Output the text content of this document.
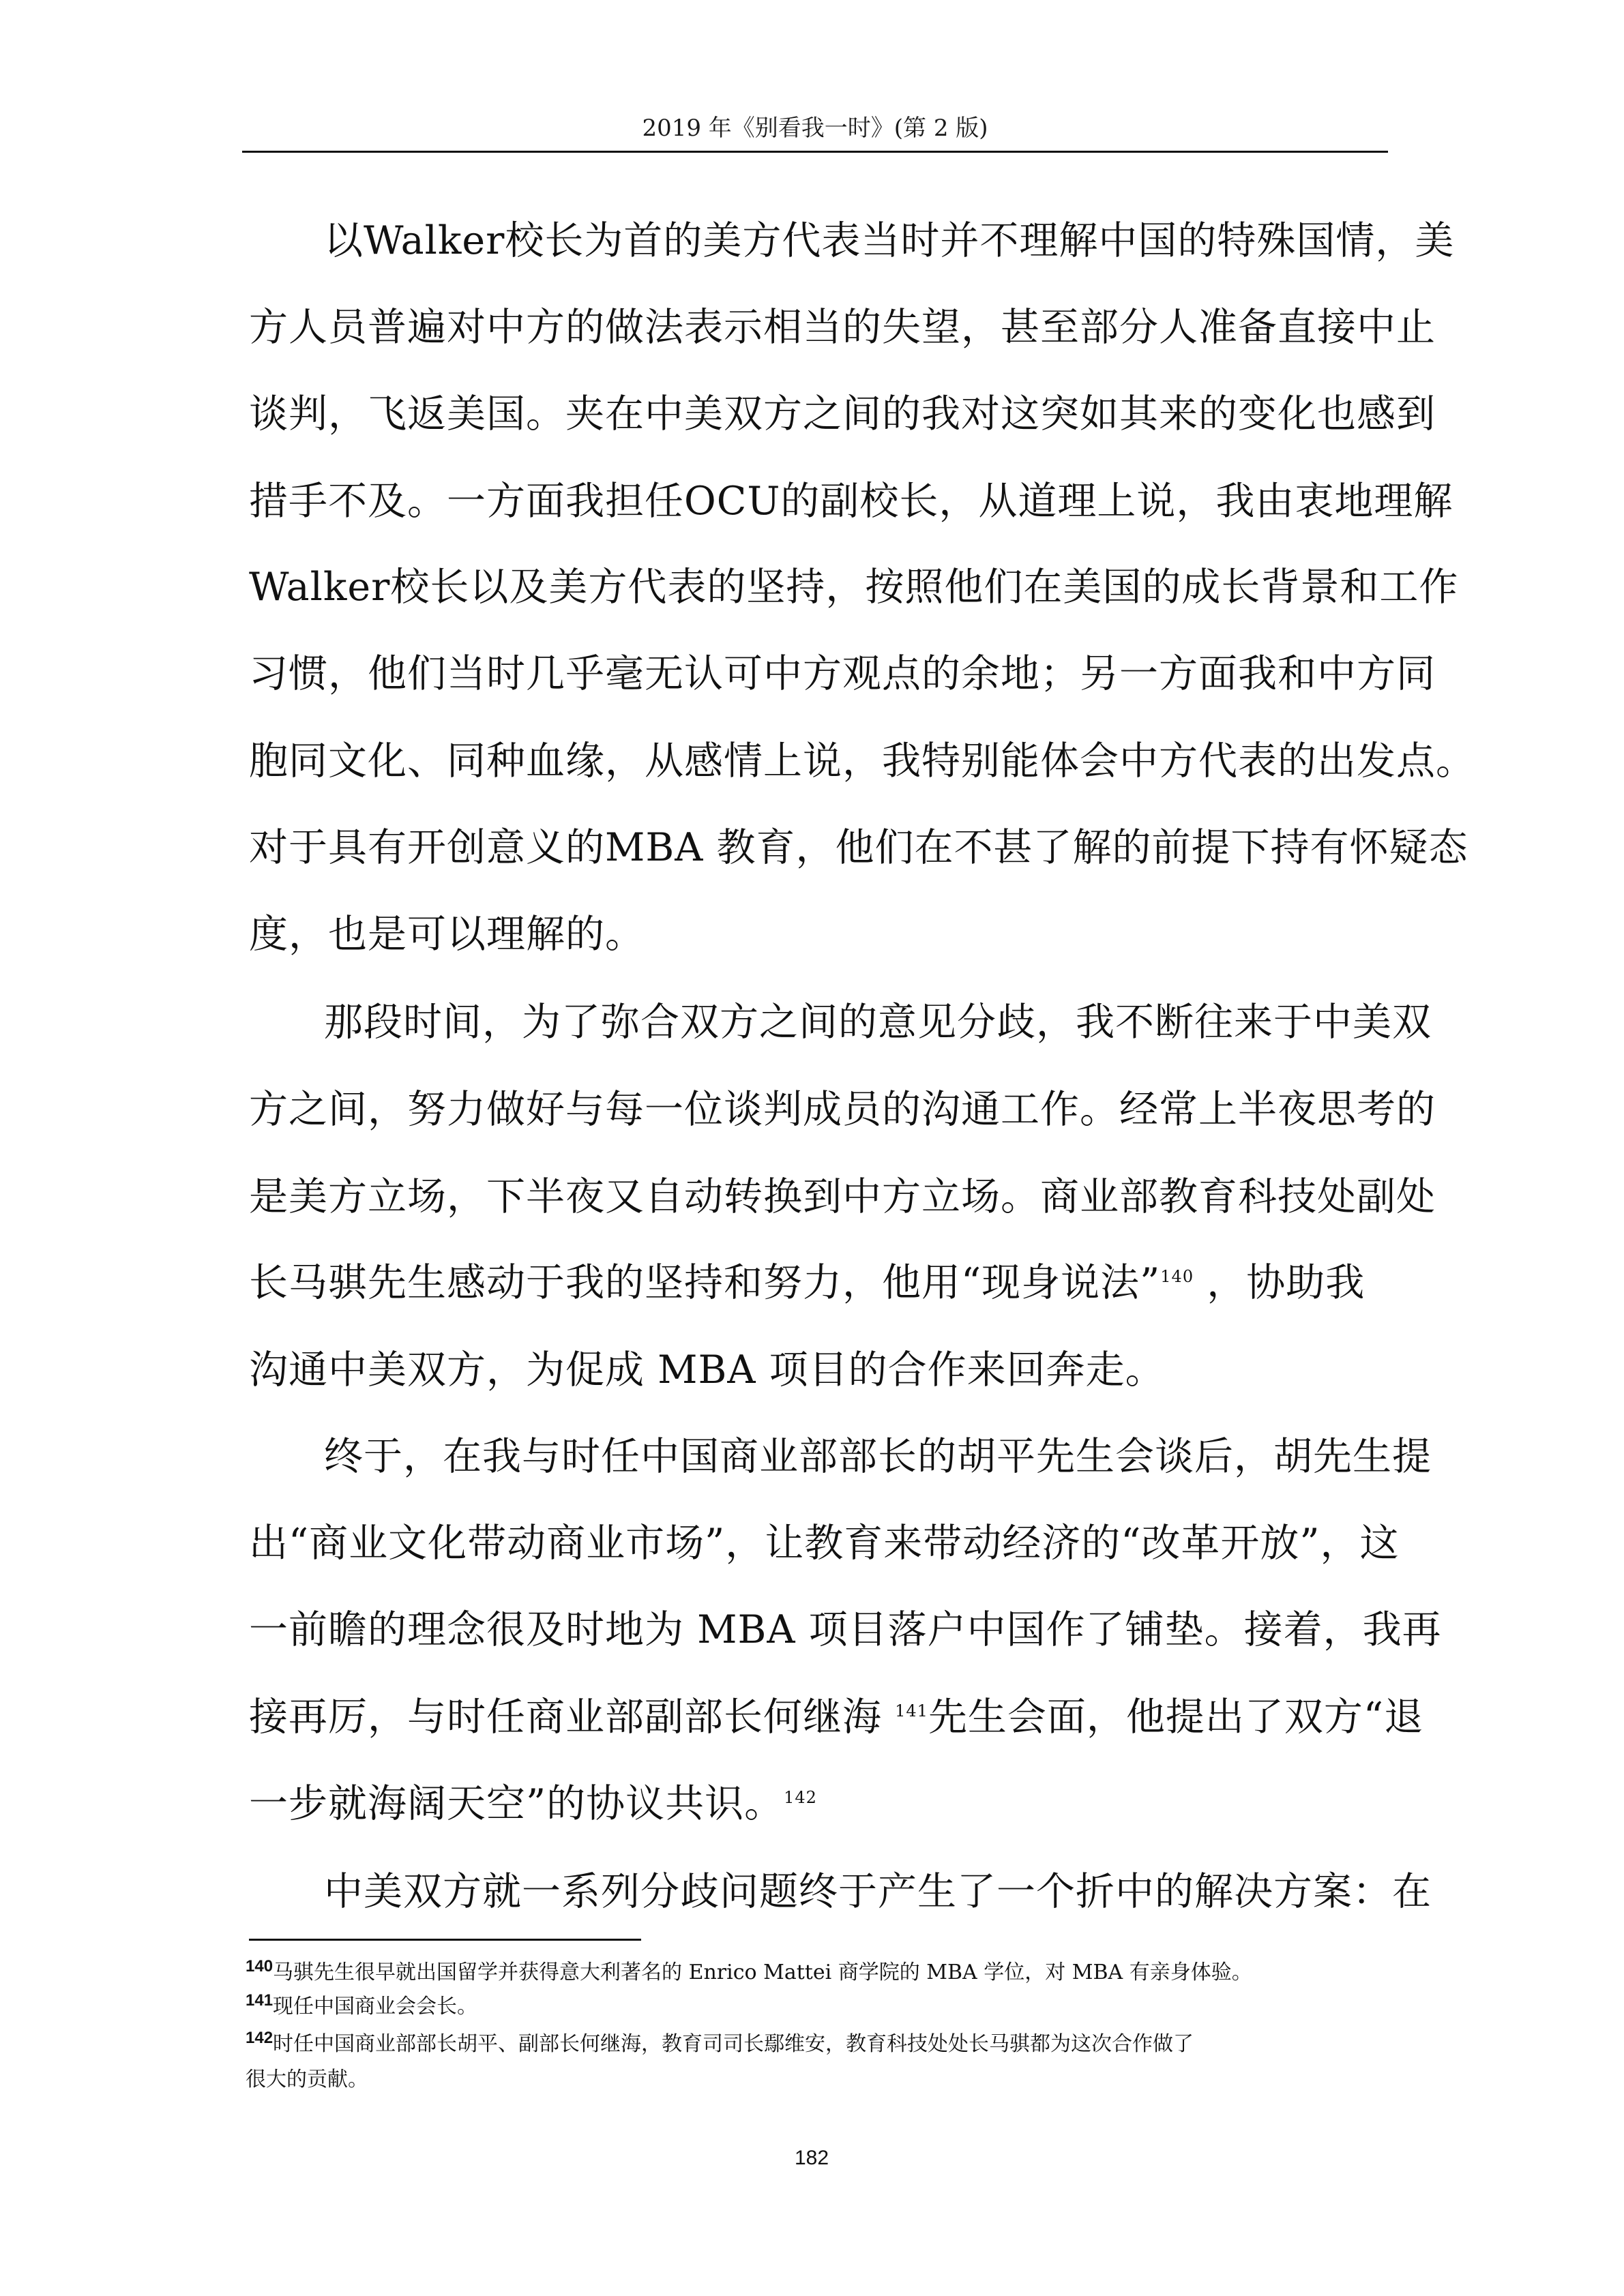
2019 年《别看我一时》(第 2 版)
以Walker校长为首的美方代表当时并不理解中国的特殊国情，美
方人员普遍对中方的做法表示相当的失望，甚至部分人准备直接中止
谈判，飞返美国。夹在中美双方之间的我对这突如其来的变化也感到
措手不及。一方面我担任OCU的副校长，从道理上说，我由衷地理解
Walker校长以及美方代表的坚持，按照他们在美国的成长背景和工作
习惯，他们当时几乎毫无认可中方观点的余地；另一方面我和中方同
胞同文化、同种血缘，从感情上说，我特别能体会中方代表的出发点。
对于具有开创意义的MBA 教育，他们在不甚了解的前提下持有怀疑态
度，也是可以理解的。
那段时间，为了弥合双方之间的意见分歧，我不断往来于中美双
方之间，努力做好与每一位谈判成员的沟通工作。经常上半夜思考的
是美方立场，下半夜又自动转换到中方立场。商业部教育科技处副处
长马骐先生感动于我的坚持和努力，他用“现身说法”$^{140}$ ，协助我
沟通中美双方，为促成 MBA 项目的合作来回奔走。
终于，在我与时任中国商业部部长的胡平先生会谈后，胡先生提
出“商业文化带动商业市场”，让教育来带动经济的“改革开放”，这
一前瞻的理念很及时地为 MBA 项目落户中国作了铺垫。接着，我再
接再厉，与时任商业部副部长何继海 $^{141}$先生会面，他提出了双方“退
一步就海阔天空”的协议共识。$^{142}$
中美双方就一系列分歧问题终于产生了一个折中的解决方案：在
$^{140}$马骐先生很早就出国留学并获得意大利著名的 Enrico Mattei 商学院的 MBA 学位，对 MBA 有亲身体验。
$^{141}$现任中国商业会会长。
$^{142}$时任中国商业部部长胡平、副部长何继海，教育司司长鄢维安，教育科技处处长马骐都为这次合作做了
很大的贡献。
182
